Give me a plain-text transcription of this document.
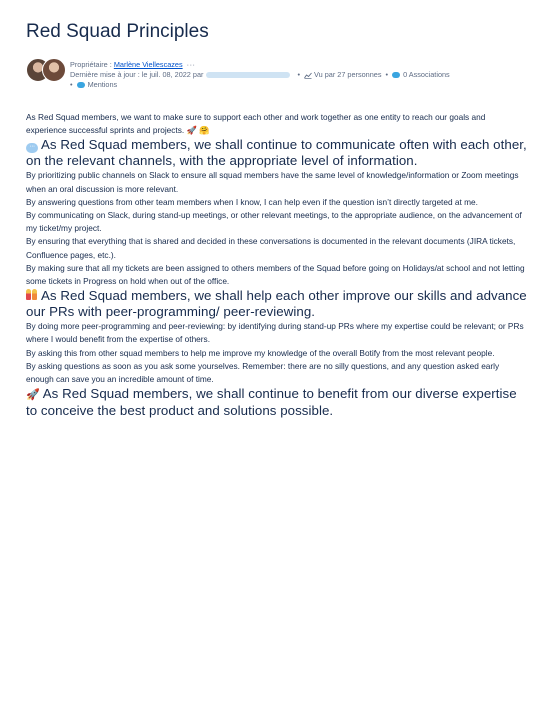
Red Squad Principles
Propriétaire :
Marlène Viellescazes ···
Dernière mise à jour : le juil. 08, 2022 par	•	Vu par 27 personnes •	0 Associations
•	Mentions

As Red Squad members, we want to make sure to support each other and work together as one entity to reach our goals and experience successful sprints and projects. 🚀 🤗

··· As Red Squad members, we shall continue to communicate often with each other, on the relevant channels, with the appropriate level of information.

By prioritizing public channels on Slack to ensure all squad members have the same level of knowledge/information or Zoom meetings when an oral discussion is more relevant.

By answering questions from other team members when I know, I can help even if the question isn’t directly targeted at me.

By communicating on Slack, during stand-up meetings, or other relevant meetings, to the appropriate audience, on the advancement of my ticket/my project.

By ensuring that everything that is shared and decided in these conversations is documented in the relevant documents (JIRA tickets, Confluence pages, etc.).

By making sure that all my tickets are been assigned to others members of the Squad before going on Holidays/at school and not letting some tickets in Progress on hold when out of the office.

As Red Squad members, we shall help each other improve our skills and advance our PRs with peer-programming/ peer-reviewing.

By doing more peer-programming and peer-reviewing: by identifying during stand-up PRs where my expertise could be relevant; or PRs where I would benefit from the expertise of others.

By asking this from other squad members to help me improve my knowledge of the overall Botify from the most relevant people.

By asking questions as soon as you ask some yourselves. Remember: there are no silly questions, and any question asked early enough can save you an incredible amount of time.

🚀 As Red Squad members, we shall continue to benefit from our diverse expertise to conceive the best product and solutions possible.
